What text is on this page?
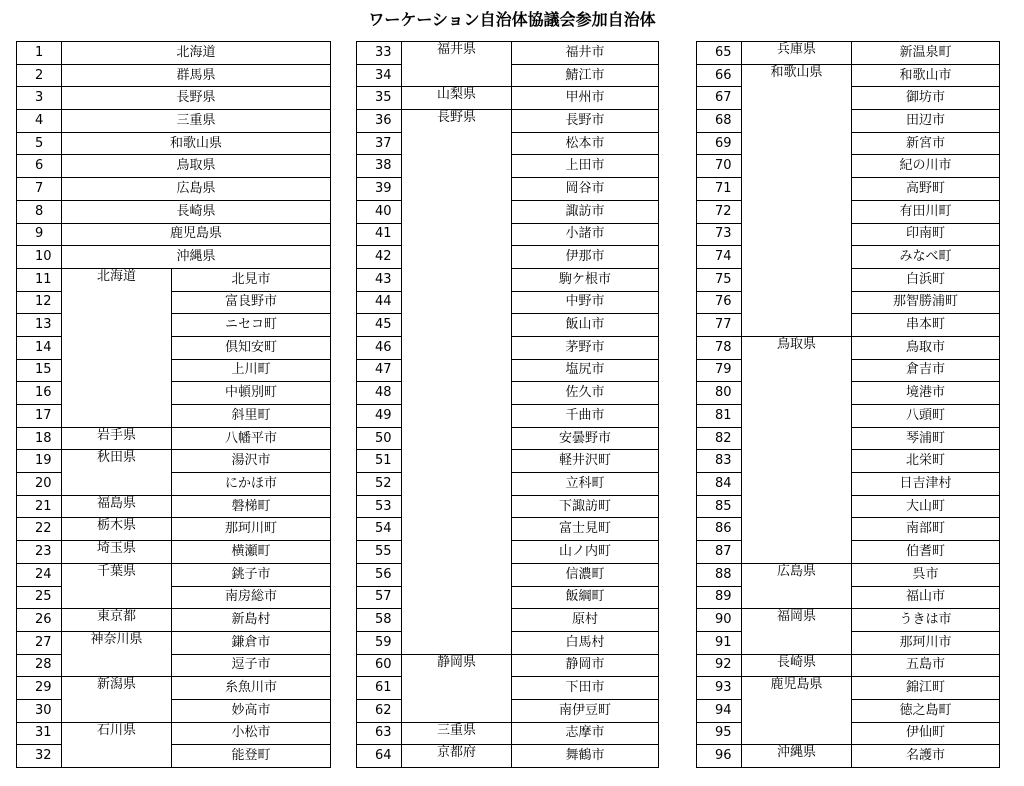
ワーケーション自治体協議会参加自治体
1	北海道	
2	群馬県	
3	長野県	
4	三重県	
5	和歌山県	
6	鳥取県	
7	広島県	
8	長崎県	
9	鹿児島県	
10	沖縄県	
11	北海道	北見市
12		富良野市
13		ニセコ町
14		倶知安町
15		上川町
16		中頓別町
17		斜里町
18	岩手県	八幡平市
19	秋田県	湯沢市
20		にかほ市
21	福島県	磐梯町
22	栃木県	那珂川町
23	埼玉県	横瀬町
24	千葉県	銚子市
25		南房総市
26	東京都	新島村
27	神奈川県	鎌倉市
28		逗子市
29	新潟県	糸魚川市
30		妙高市
31	石川県	小松市
32		能登町
33	福井県	福井市
34		鯖江市
35	山梨県	甲州市
36	長野県	長野市
37		松本市
38		上田市
39		岡谷市
40		諏訪市
41		小諸市
42		伊那市
43		駒ケ根市
44		中野市
45		飯山市
46		茅野市
47		塩尻市
48		佐久市
49		千曲市
50		安曇野市
51		軽井沢町
52		立科町
53		下諏訪町
54		富士見町
55		山ノ内町
56		信濃町
57		飯綱町
58		原村
59		白馬村
60	静岡県	静岡市
61		下田市
62		南伊豆町
63	三重県	志摩市
64	京都府	舞鶴市
65	兵庫県	新温泉町
66	和歌山県	和歌山市
67		御坊市
68		田辺市
69		新宮市
70		紀の川市
71		高野町
72		有田川町
73		印南町
74		みなべ町
75		白浜町
76		那智勝浦町
77		串本町
78	鳥取県	鳥取市
79		倉吉市
80		境港市
81		八頭町
82		琴浦町
83		北栄町
84		日吉津村
85		大山町
86		南部町
87		伯耆町
88	広島県	呉市
89		福山市
90	福岡県	うきは市
91		那珂川市
92	長崎県	五島市
93	鹿児島県	錦江町
94		徳之島町
95		伊仙町
96	沖縄県	名護市
